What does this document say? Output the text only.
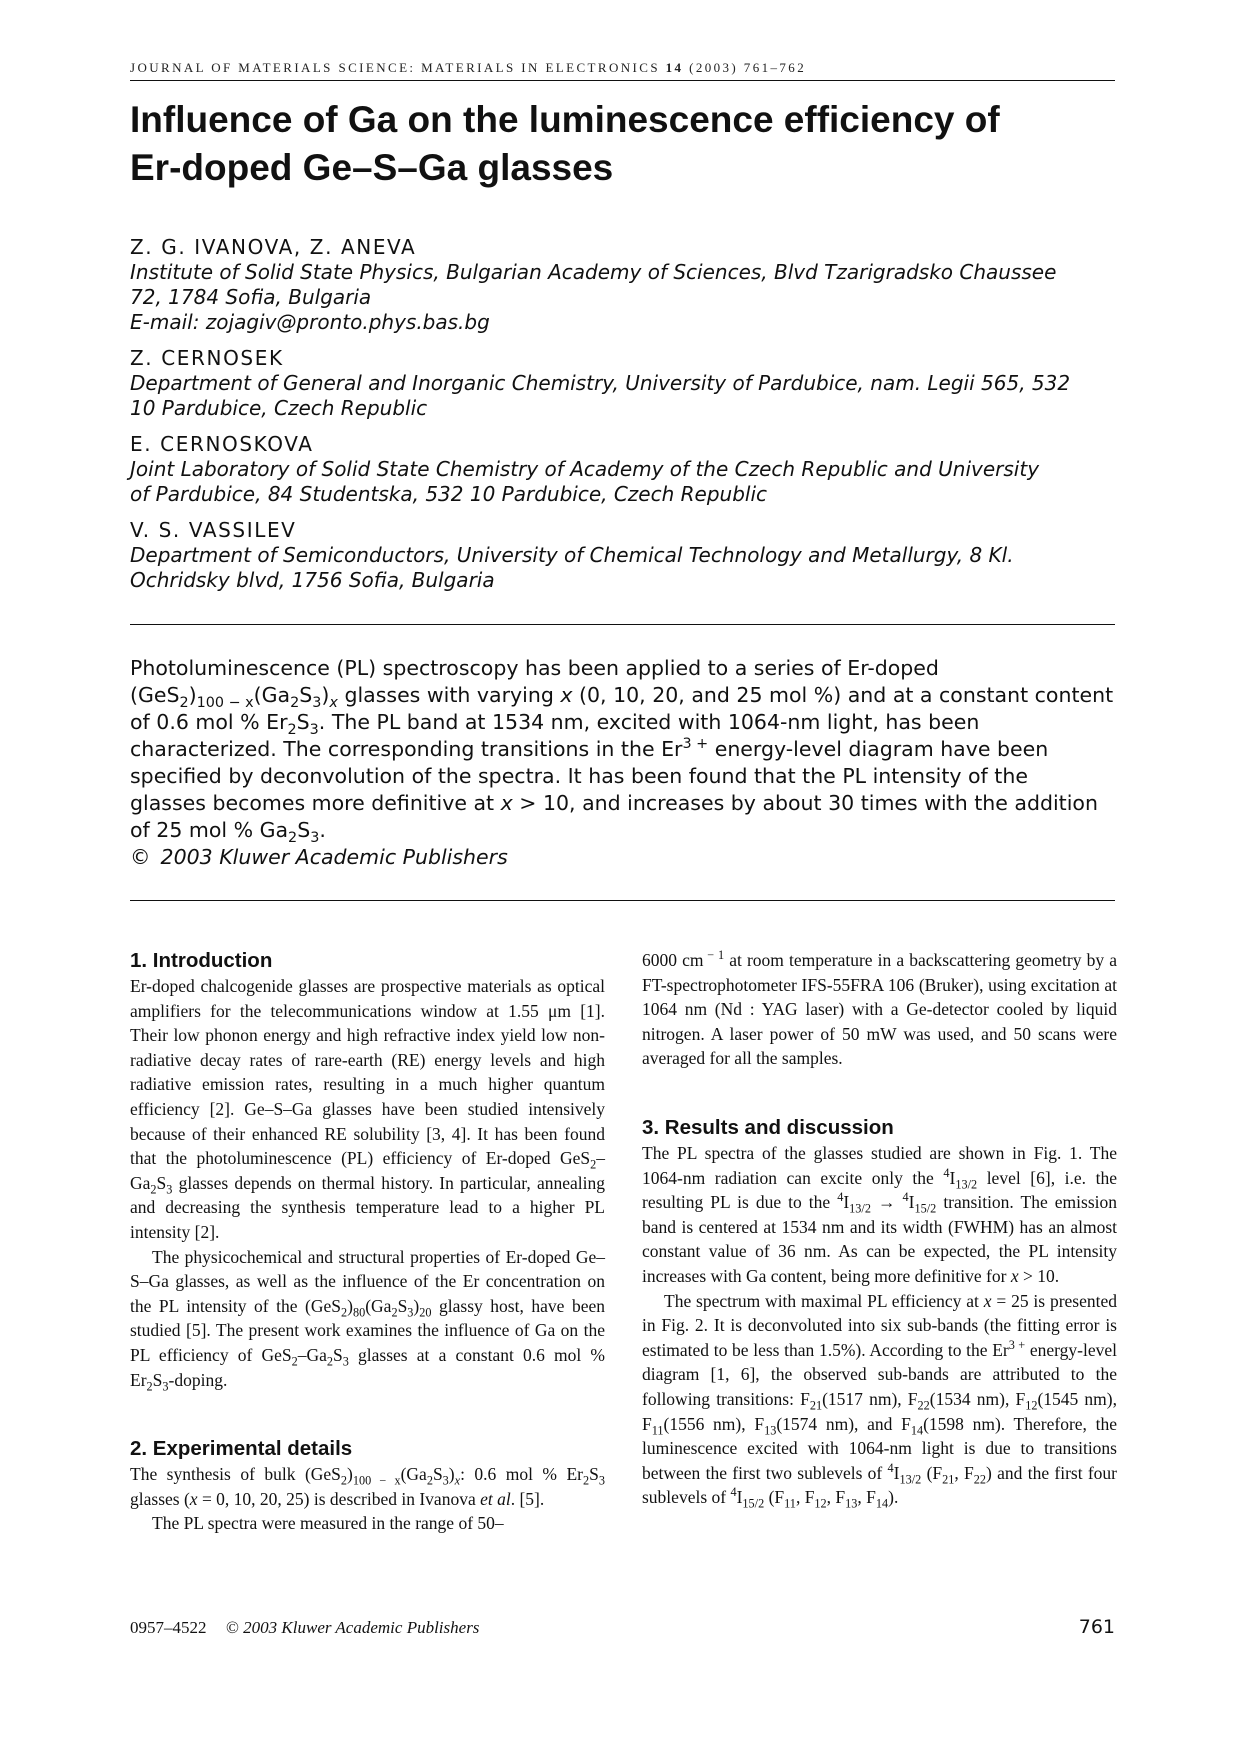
JOURNAL OF MATERIALS SCIENCE: MATERIALS IN ELECTRONICS 14 (2003) 761–762
Influence of Ga on the luminescence efficiency of
Er-doped Ge–S–Ga glasses

Z. G. IVANOVA, Z. ANEVA

Institute of Solid State Physics, Bulgarian Academy of Sciences, Blvd Tzarigradsko Chaussee
72, 1784 Sofia, Bulgaria
E-mail: zojagiv@pronto.phys.bas.bg

Z. CERNOSEK

Department of General and Inorganic Chemistry, University of Pardubice, nam. Legii 565, 532
10 Pardubice, Czech Republic

E. CERNOSKOVA

Joint Laboratory of Solid State Chemistry of Academy of the Czech Republic and University
of Pardubice, 84 Studentska, 532 10 Pardubice, Czech Republic

V. S. VASSILEV

Department of Semiconductors, University of Chemical Technology and Metallurgy, 8 Kl.
Ochridsky blvd, 1756 Sofia, Bulgaria

Photoluminescence (PL) spectroscopy has been applied to a series of Er-doped
$(GeS_2)_{100 - x}(Ga_2S_3)_x$ glasses with varying x (0, 10, 20, and 25 mol %) and at a constant content
of 0.6 mol % $Er_2S_3$. The PL band at 1534 nm, excited with 1064-nm light, has been
characterized. The corresponding transitions in the $Er^{3 +}$ energy-level diagram have been
specified by deconvolution of the spectra. It has been found that the PL intensity of the
glasses becomes more definitive at x > 10, and increases by about 30 times with the addition
of 25 mol % $Ga_2S_3$.

© 2003 Kluwer Academic Publishers

1. Introduction

Er-doped chalcogenide glasses are prospective materials as optical amplifiers for the telecommunications window at 1.55 μm [1]. Their low phonon energy and high refractive index yield low non-radiative decay rates of rare-earth (RE) energy levels and high radiative emission rates, resulting in a much higher quantum efficiency [2]. Ge–S–Ga glasses have been studied intensively because of their enhanced RE solubility [3, 4]. It has been found that the photoluminescence (PL) efficiency of Er-doped $GeS_2-Ga_2S_3$ glasses depends on thermal history. In particular, annealing and decreasing the synthesis temperature lead to a higher PL intensity [2].

The physicochemical and structural properties of Er-doped Ge–S–Ga glasses, as well as the influence of the Er concentration on the PL intensity of the $(GeS_2)_{80}(Ga_2S_3)_{20}$ glassy host, have been studied [5]. The present work examines the influence of Ga on the PL efficiency of $GeS_2-Ga_2S_3$ glasses at a constant 0.6 mol % $Er_2S_3$-doping.

2. Experimental details

The synthesis of bulk $(GeS_2)_{100 - x}(Ga_2S_3)_x$: 0.6 mol % $Er_2S_3$ glasses (x = 0, 10, 20, 25) is described in Ivanova et al. [5].

The PL spectra were measured in the range of 50–

6000 cm $^{- 1}$ at room temperature in a backscattering geometry by a FT-spectrophotometer IFS-55FRA 106 (Bruker), using excitation at 1064 nm (Nd : YAG laser) with a Ge-detector cooled by liquid nitrogen. A laser power of 50 mW was used, and 50 scans were averaged for all the samples.

3. Results and discussion

The PL spectra of the glasses studied are shown in Fig. 1. The 1064-nm radiation can excite only the $^4I_{13/2}$ level [6], i.e. the resulting PL is due to the $^4I_{13/2} \to ^4I_{15/2}$ transition. The emission band is centered at 1534 nm and its width (FWHM) has an almost constant value of 36 nm. As can be expected, the PL intensity increases with Ga content, being more definitive for x > 10.

The spectrum with maximal PL efficiency at x = 25 is presented in Fig. 2. It is deconvoluted into six sub-bands (the fitting error is estimated to be less than 1.5%). According to the $Er^{3 +}$ energy-level diagram [1, 6], the observed sub-bands are attributed to the following transitions: $F_{21}(1517$ nm), $F_{22}(1534$ nm), $F_{12}(1545$ nm), $F_{11}(1556$ nm), $F_{13}(1574$ nm), and $F_{14}(1598$ nm). Therefore, the luminescence excited with 1064-nm light is due to transitions between the first two sublevels of $^4I_{13/2}$ ($F_{21}$, $F_{22}$) and the first four sublevels of $^4I_{15/2}$ ($F_{11}$, $F_{12}$, $F_{13}$, $F_{14}$).

0957–4522 © 2003 Kluwer Academic Publishers	761
